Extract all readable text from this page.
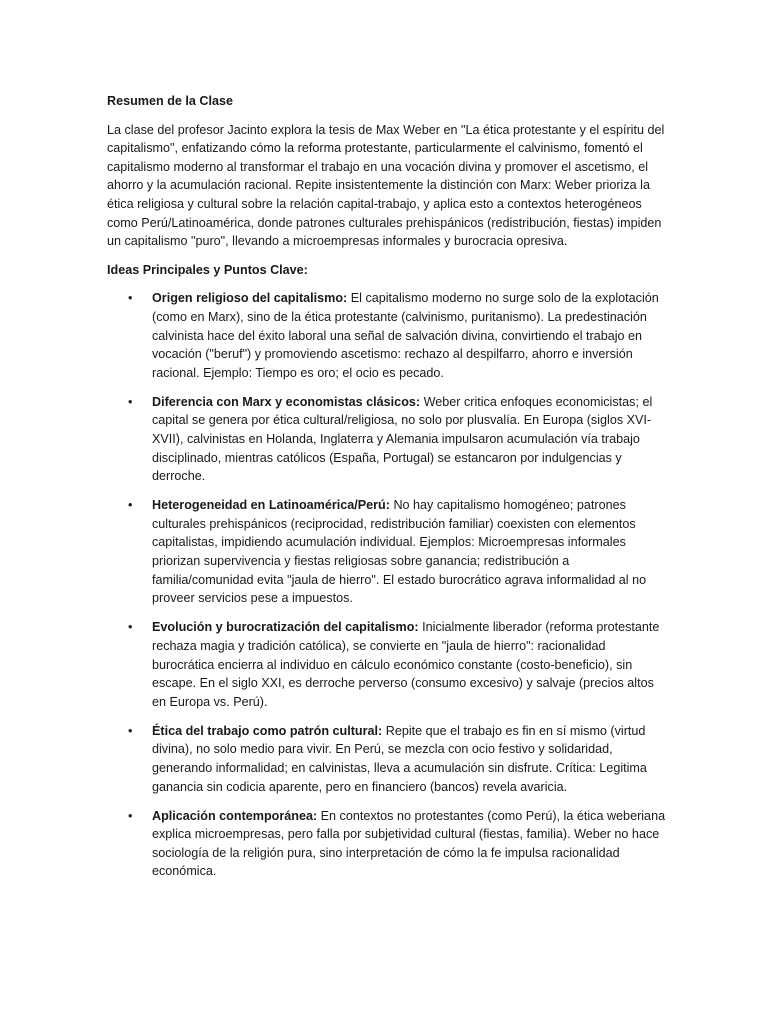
Resumen de la Clase

La clase del profesor Jacinto explora la tesis de Max Weber en "La ética protestante y el espíritu del capitalismo", enfatizando cómo la reforma protestante, particularmente el calvinismo, fomentó el capitalismo moderno al transformar el trabajo en una vocación divina y promover el ascetismo, el ahorro y la acumulación racional. Repite insistentemente la distinción con Marx: Weber prioriza la ética religiosa y cultural sobre la relación capital-trabajo, y aplica esto a contextos heterogéneos como Perú/Latinoamérica, donde patrones culturales prehispánicos (redistribución, fiestas) impiden un capitalismo "puro", llevando a microempresas informales y burocracia opresiva.

Ideas Principales y Puntos Clave:
• Origen religioso del capitalismo: El capitalismo moderno no surge solo de la explotación (como en Marx), sino de la ética protestante (calvinismo, puritanismo). La predestinación calvinista hace del éxito laboral una señal de salvación divina, convirtiendo el trabajo en vocación ("beruf") y promoviendo ascetismo: rechazo al despilfarro, ahorro e inversión racional. Ejemplo: Tiempo es oro; el ocio es pecado.
• Diferencia con Marx y economistas clásicos: Weber critica enfoques economicistas; el capital se genera por ética cultural/religiosa, no solo por plusvalía. En Europa (siglos XVI-XVII), calvinistas en Holanda, Inglaterra y Alemania impulsaron acumulación vía trabajo disciplinado, mientras católicos (España, Portugal) se estancaron por indulgencias y derroche.
• Heterogeneidad en Latinoamérica/Perú: No hay capitalismo homogéneo; patrones culturales prehispánicos (reciprocidad, redistribución familiar) coexisten con elementos capitalistas, impidiendo acumulación individual. Ejemplos: Microempresas informales priorizan supervivencia y fiestas religiosas sobre ganancia; redistribución a familia/comunidad evita "jaula de hierro". El estado burocrático agrava informalidad al no proveer servicios pese a impuestos.
• Evolución y burocratización del capitalismo: Inicialmente liberador (reforma protestante rechaza magia y tradición católica), se convierte en "jaula de hierro": racionalidad burocrática encierra al individuo en cálculo económico constante (costo-beneficio), sin escape. En el siglo XXI, es derroche perverso (consumo excesivo) y salvaje (precios altos en Europa vs. Perú).
• Ética del trabajo como patrón cultural: Repite que el trabajo es fin en sí mismo (virtud divina), no solo medio para vivir. En Perú, se mezcla con ocio festivo y solidaridad, generando informalidad; en calvinistas, lleva a acumulación sin disfrute. Crítica: Legitima ganancia sin codicia aparente, pero en financiero (bancos) revela avaricia.
• Aplicación contemporánea: En contextos no protestantes (como Perú), la ética weberiana explica microempresas, pero falla por subjetividad cultural (fiestas, familia). Weber no hace sociología de la religión pura, sino interpretación de cómo la fe impulsa racionalidad económica.
